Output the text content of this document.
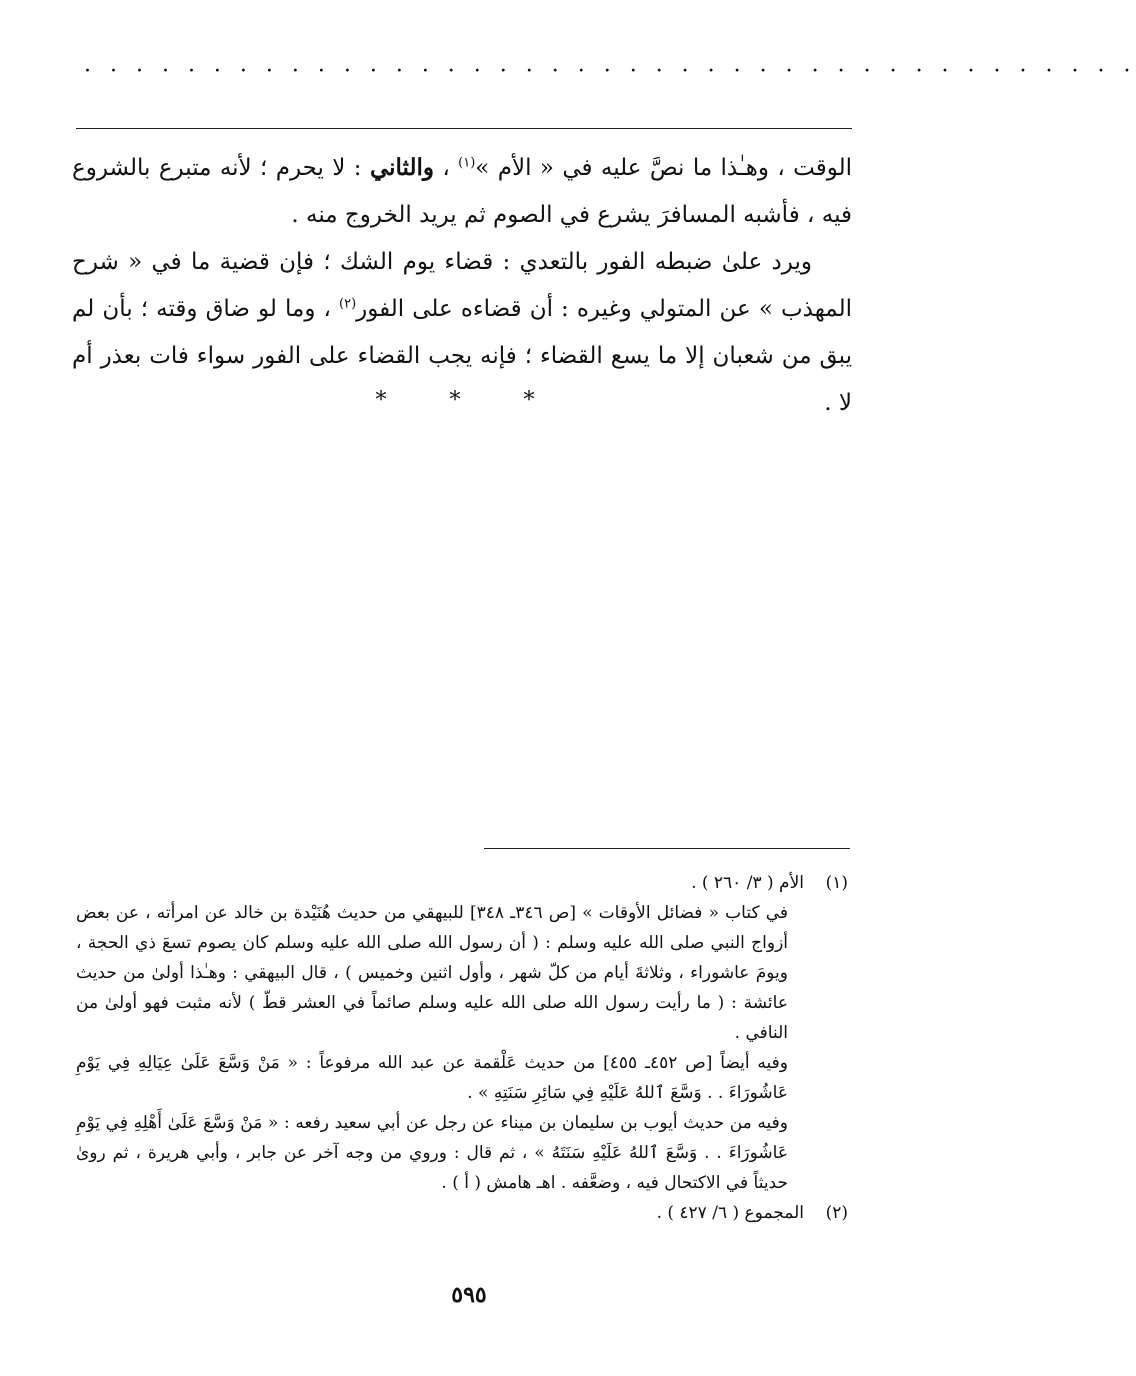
· · · · · · · · · · · · · · · · · · · · · · · · · · · · · · · · · · · · · · · · ·

الوقت ، وهـٰذا ما نصَّ عليه في « الأم »$^{(١)}$ ، والثاني : لا يحرم ؛ لأنه متبرع بالشروع فيه ، فأشبه المسافرَ يشرع في الصوم ثم يريد الخروج منه .

ويرد علىٰ ضبطه الفور بالتعدي : قضاء يوم الشك ؛ فإن قضية ما في « شرح المهذب » عن المتولي وغيره : أن قضاءه على الفور$^{(٢)}$ ، وما لو ضاق وقته ؛ بأن لم يبق من شعبان إلا ما يسع القضاء ؛ فإنه يجب القضاء على الفور سواء فات بعذر أم لا .

* * *
(١)
الأم ( ٣/ ٢٦٠ ) .

في كتاب « فضائل الأوقات » [ص ٣٤٦ـ ٣٤٨] للبيهقي من حديث هُنَيْدة بن خالد عن امرأته ، عن بعض أزواج النبي صلى الله عليه وسلم : ( أن رسول الله صلى الله عليه وسلم كان يصوم تسعَ ذي الحجة ، ويومَ عاشوراء ، وثلاثةَ أيام من كلّ شهر ، وأول اثنين وخميس ) ، قال البيهقي : وهـٰذا أولىٰ من حديث عائشة : ( ما رأيت رسول الله صلى الله عليه وسلم صائماً في العشر قطّ ) لأنه مثبت فهو أولىٰ من النافي .

وفيه أيضاً [ص ٤٥٢ـ ٤٥٥] من حديث عَلْقمة عن عبد الله مرفوعاً : « مَنْ وَسَّعَ عَلَىٰ عِيَالِهِ فِي يَوْمِ عَاشُورَاءَ . . وَسَّعَ ٱللهُ عَلَيْهِ فِي سَائِرِ سَنَتِهِ » .

وفيه من حديث أيوب بن سليمان بن ميناء عن رجل عن أبي سعيد رفعه : « مَنْ وَسَّعَ عَلَىٰ أَهْلِهِ فِي يَوْمِ عَاشُورَاءَ . . وَسَّعَ ٱللهُ عَلَيْهِ سَنَتَهُ » ، ثم قال : وروي من وجه آخر عن جابر ، وأبي هريرة ، ثم روىٰ حديثاً في الاكتحال فيه ، وضعَّفه . اهـ هامش ( أ ) .

(٢)
المجموع ( ٦/ ٤٢٧ ) .
٥٩٥
